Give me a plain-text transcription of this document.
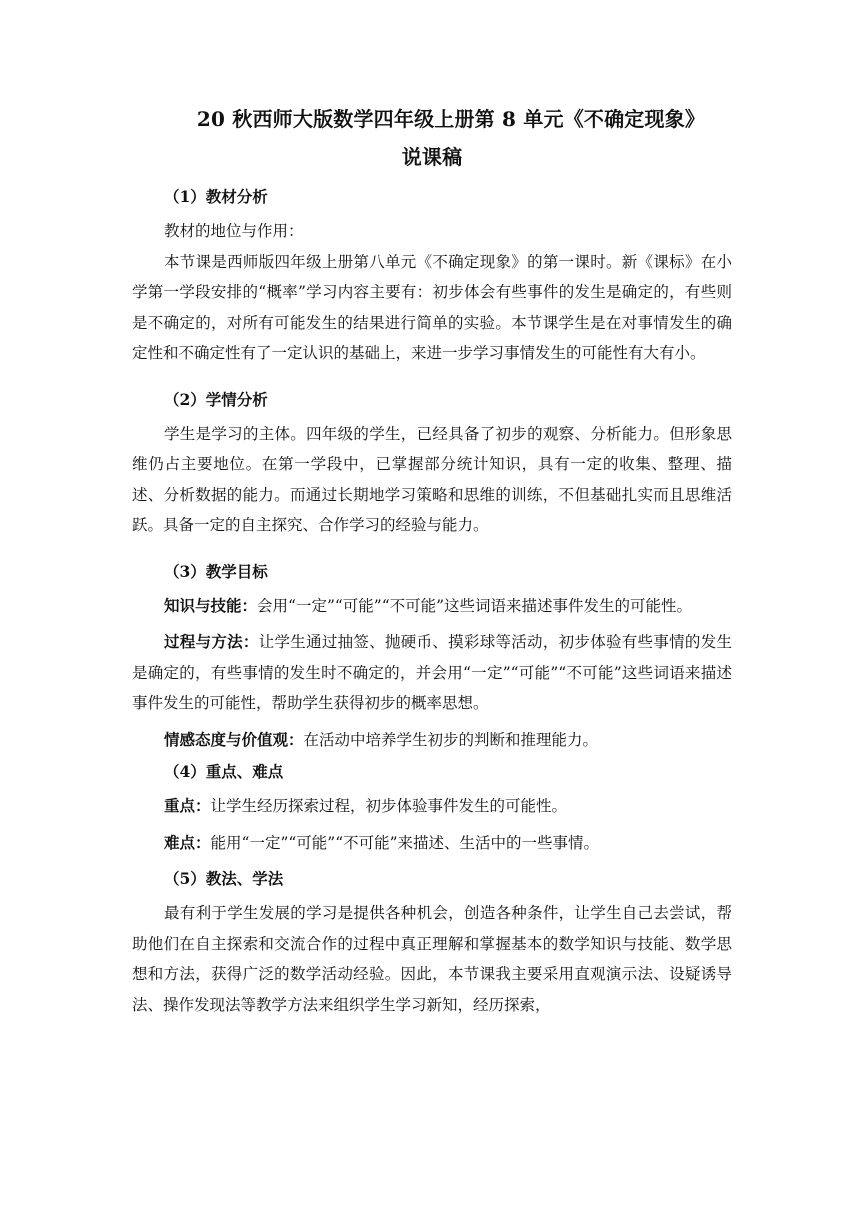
20 秋西师大版数学四年级上册第 8 单元《不确定现象》
说课稿
（1）教材分析

教材的地位与作用：

本节课是西师版四年级上册第八单元《不确定现象》的第一课时。新《课标》在小学第一学段安排的“概率”学习内容主要有：初步体会有些事件的发生是确定的，有些则是不确定的，对所有可能发生的结果进行简单的实验。本节课学生是在对事情发生的确定性和不确定性有了一定认识的基础上，来进一步学习事情发生的可能性有大有小。

（2）学情分析

学生是学习的主体。四年级的学生，已经具备了初步的观察、分析能力。但形象思维仍占主要地位。在第一学段中，已掌握部分统计知识，具有一定的收集、整理、描述、分析数据的能力。而通过长期地学习策略和思维的训练，不但基础扎实而且思维活跃。具备一定的自主探究、合作学习的经验与能力。

（3）教学目标

知识与技能：会用“一定”“可能”“不可能”这些词语来描述事件发生的可能性。

过程与方法：让学生通过抽签、抛硬币、摸彩球等活动，初步体验有些事情的发生是确定的，有些事情的发生时不确定的，并会用“一定”“可能”“不可能”这些词语来描述事件发生的可能性，帮助学生获得初步的概率思想。

情感态度与价值观：在活动中培养学生初步的判断和推理能力。

（4）重点、难点

重点：让学生经历探索过程，初步体验事件发生的可能性。

难点：能用“一定”“可能”“不可能”来描述、生活中的一些事情。

（5）教法、学法

最有利于学生发展的学习是提供各种机会，创造各种条件，让学生自己去尝试，帮助他们在自主探索和交流合作的过程中真正理解和掌握基本的数学知识与技能、数学思想和方法，获得广泛的数学活动经验。因此，本节课我主要采用直观演示法、设疑诱导法、操作发现法等教学方法来组织学生学习新知，经历探索，
